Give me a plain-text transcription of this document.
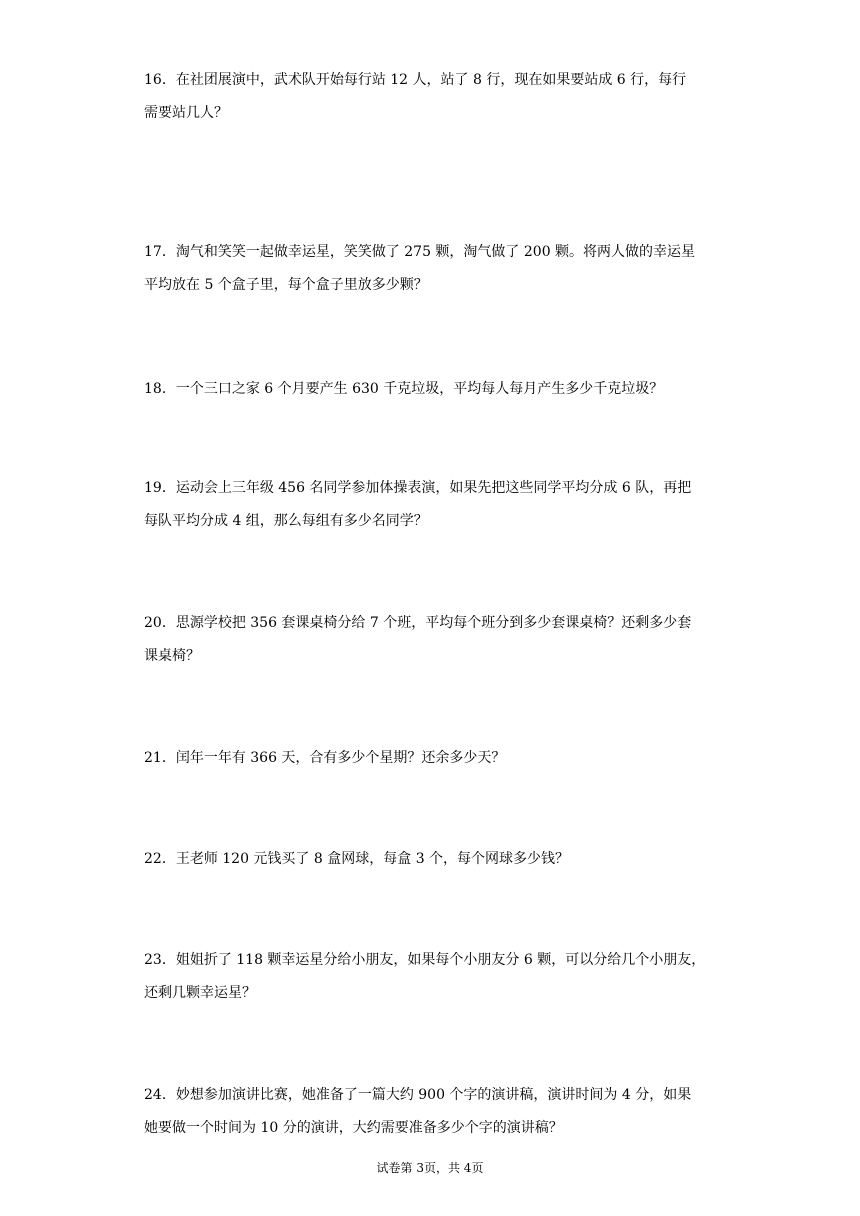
16．在社团展演中，武术队开始每行站 12 人，站了 8 行，现在如果要站成 6 行，每行
需要站几人？
17．淘气和笑笑一起做幸运星，笑笑做了 275 颗，淘气做了 200 颗。将两人做的幸运星
平均放在 5 个盒子里，每个盒子里放多少颗？
18．一个三口之家 6 个月要产生 630 千克垃圾，平均每人每月产生多少千克垃圾？
19．运动会上三年级 456 名同学参加体操表演，如果先把这些同学平均分成 6 队，再把
每队平均分成 4 组，那么每组有多少名同学？
20．思源学校把 356 套课桌椅分给 7 个班，平均每个班分到多少套课桌椅？还剩多少套
课桌椅？
21．闰年一年有 366 天，合有多少个星期？还余多少天？
22．王老师 120 元钱买了 8 盒网球，每盒 3 个，每个网球多少钱？
23．姐姐折了 118 颗幸运星分给小朋友，如果每个小朋友分 6 颗，可以分给几个小朋友，
还剩几颗幸运星？
24．妙想参加演讲比赛，她准备了一篇大约 900 个字的演讲稿，演讲时间为 4 分，如果
她要做一个时间为 10 分的演讲，大约需要准备多少个字的演讲稿？
试卷第 3页，共 4页
